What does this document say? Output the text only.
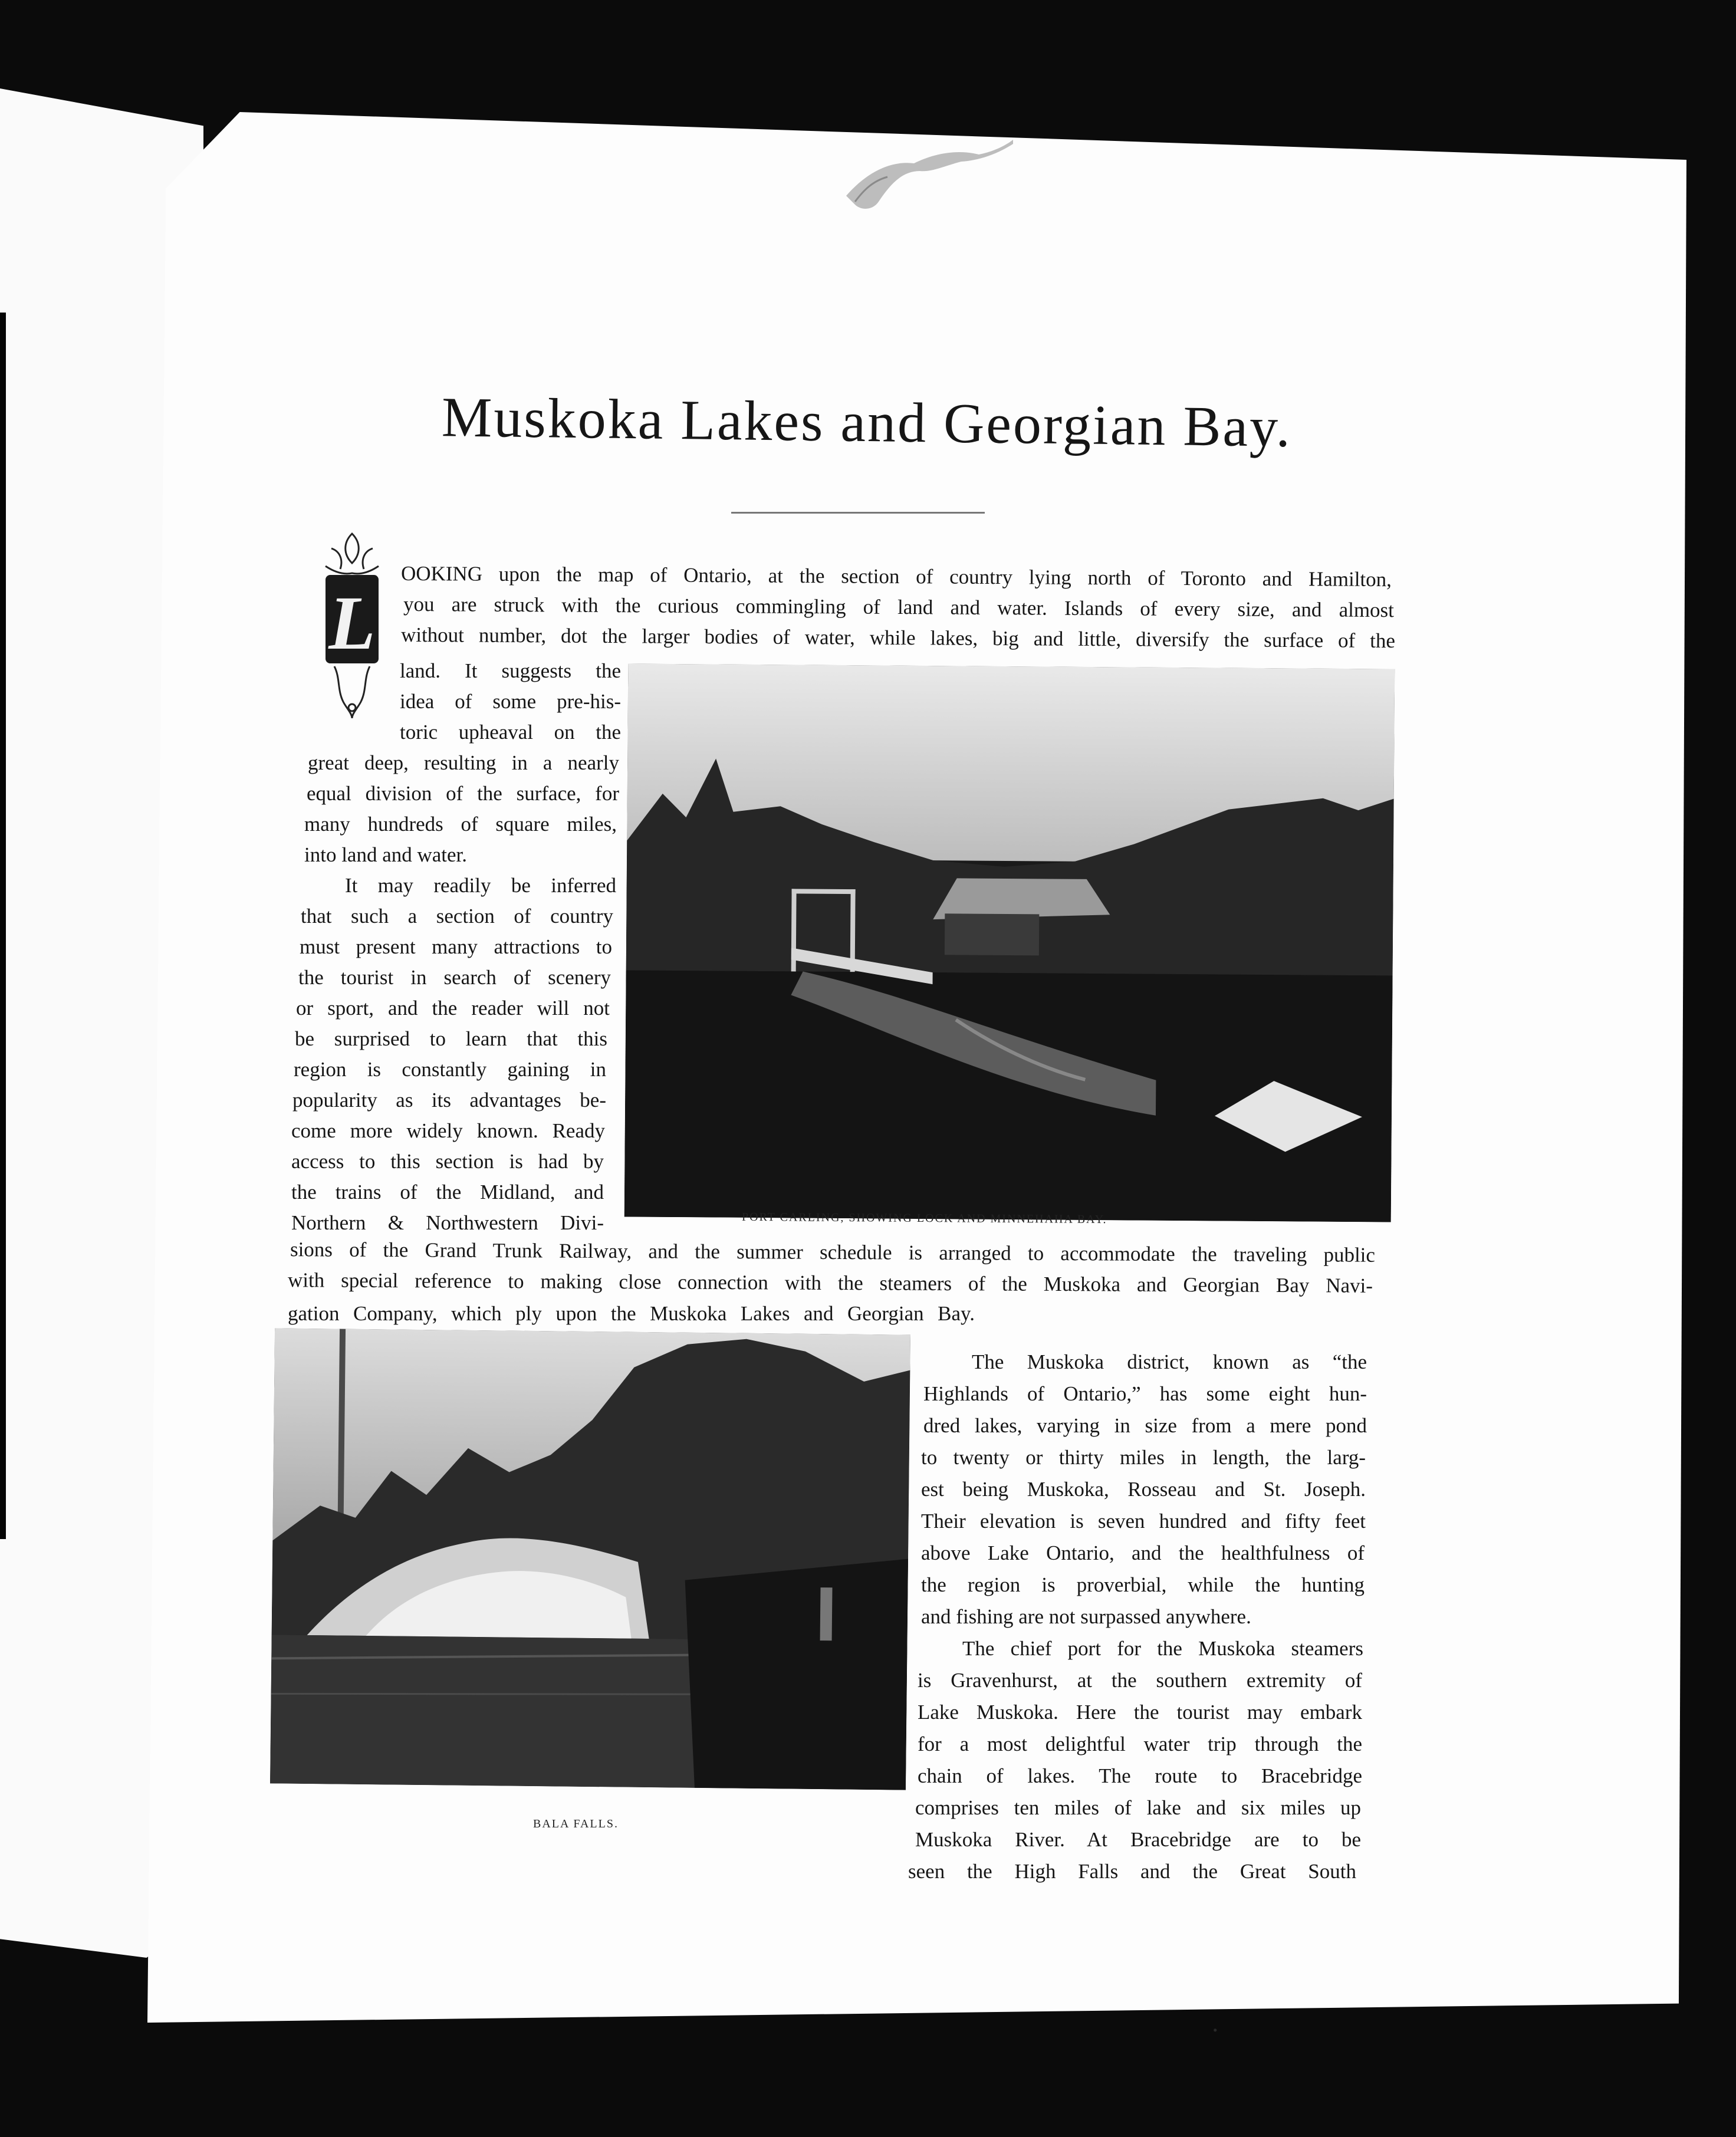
Muskoka Lakes and Georgian Bay.
L
OOKING upon the map of Ontario, at the section of country lying north of Toronto and Hamilton,
you are struck with the curious commingling of land and water. Islands of every size, and almost
without number, dot the larger bodies of water, while lakes, big and little, diversify the surface of the
land. It suggests the
idea of some pre-his-
toric upheaval on the
great deep, resulting in a nearly
equal division of the surface, for
many hundreds of square miles,
into land and water.
It may readily be inferred
that such a section of country
must present many attractions to
the tourist in search of scenery
or sport, and the reader will not
be surprised to learn that this
region is constantly gaining in
popularity as its advantages be-
come more widely known. Ready
access to this section is had by
the trains of the Midland, and
Northern & Northwestern Divi-
sions of the Grand Trunk Railway, and the summer schedule is arranged to accommodate the traveling public
with special reference to making close connection with the steamers of the Muskoka and Georgian Bay Navi-
gation Company, which ply upon the Muskoka Lakes and Georgian Bay.
The Muskoka district, known as “the
Highlands of Ontario,” has some eight hun-
dred lakes, varying in size from a mere pond
to twenty or thirty miles in length, the larg-
est being Muskoka, Rosseau and St. Joseph.
Their elevation is seven hundred and fifty feet
above Lake Ontario, and the healthfulness of
the region is proverbial, while the hunting
and fishing are not surpassed anywhere.
The chief port for the Muskoka steamers
is Gravenhurst, at the southern extremity of
Lake Muskoka. Here the tourist may embark
for a most delightful water trip through the
chain of lakes. The route to Bracebridge
comprises ten miles of lake and six miles up
Muskoka River. At Bracebridge are to be
seen the High Falls and the Great South
PORT CARLING, SHOWING LOCK AND MINNEHAHA BAY.
BALA FALLS.
